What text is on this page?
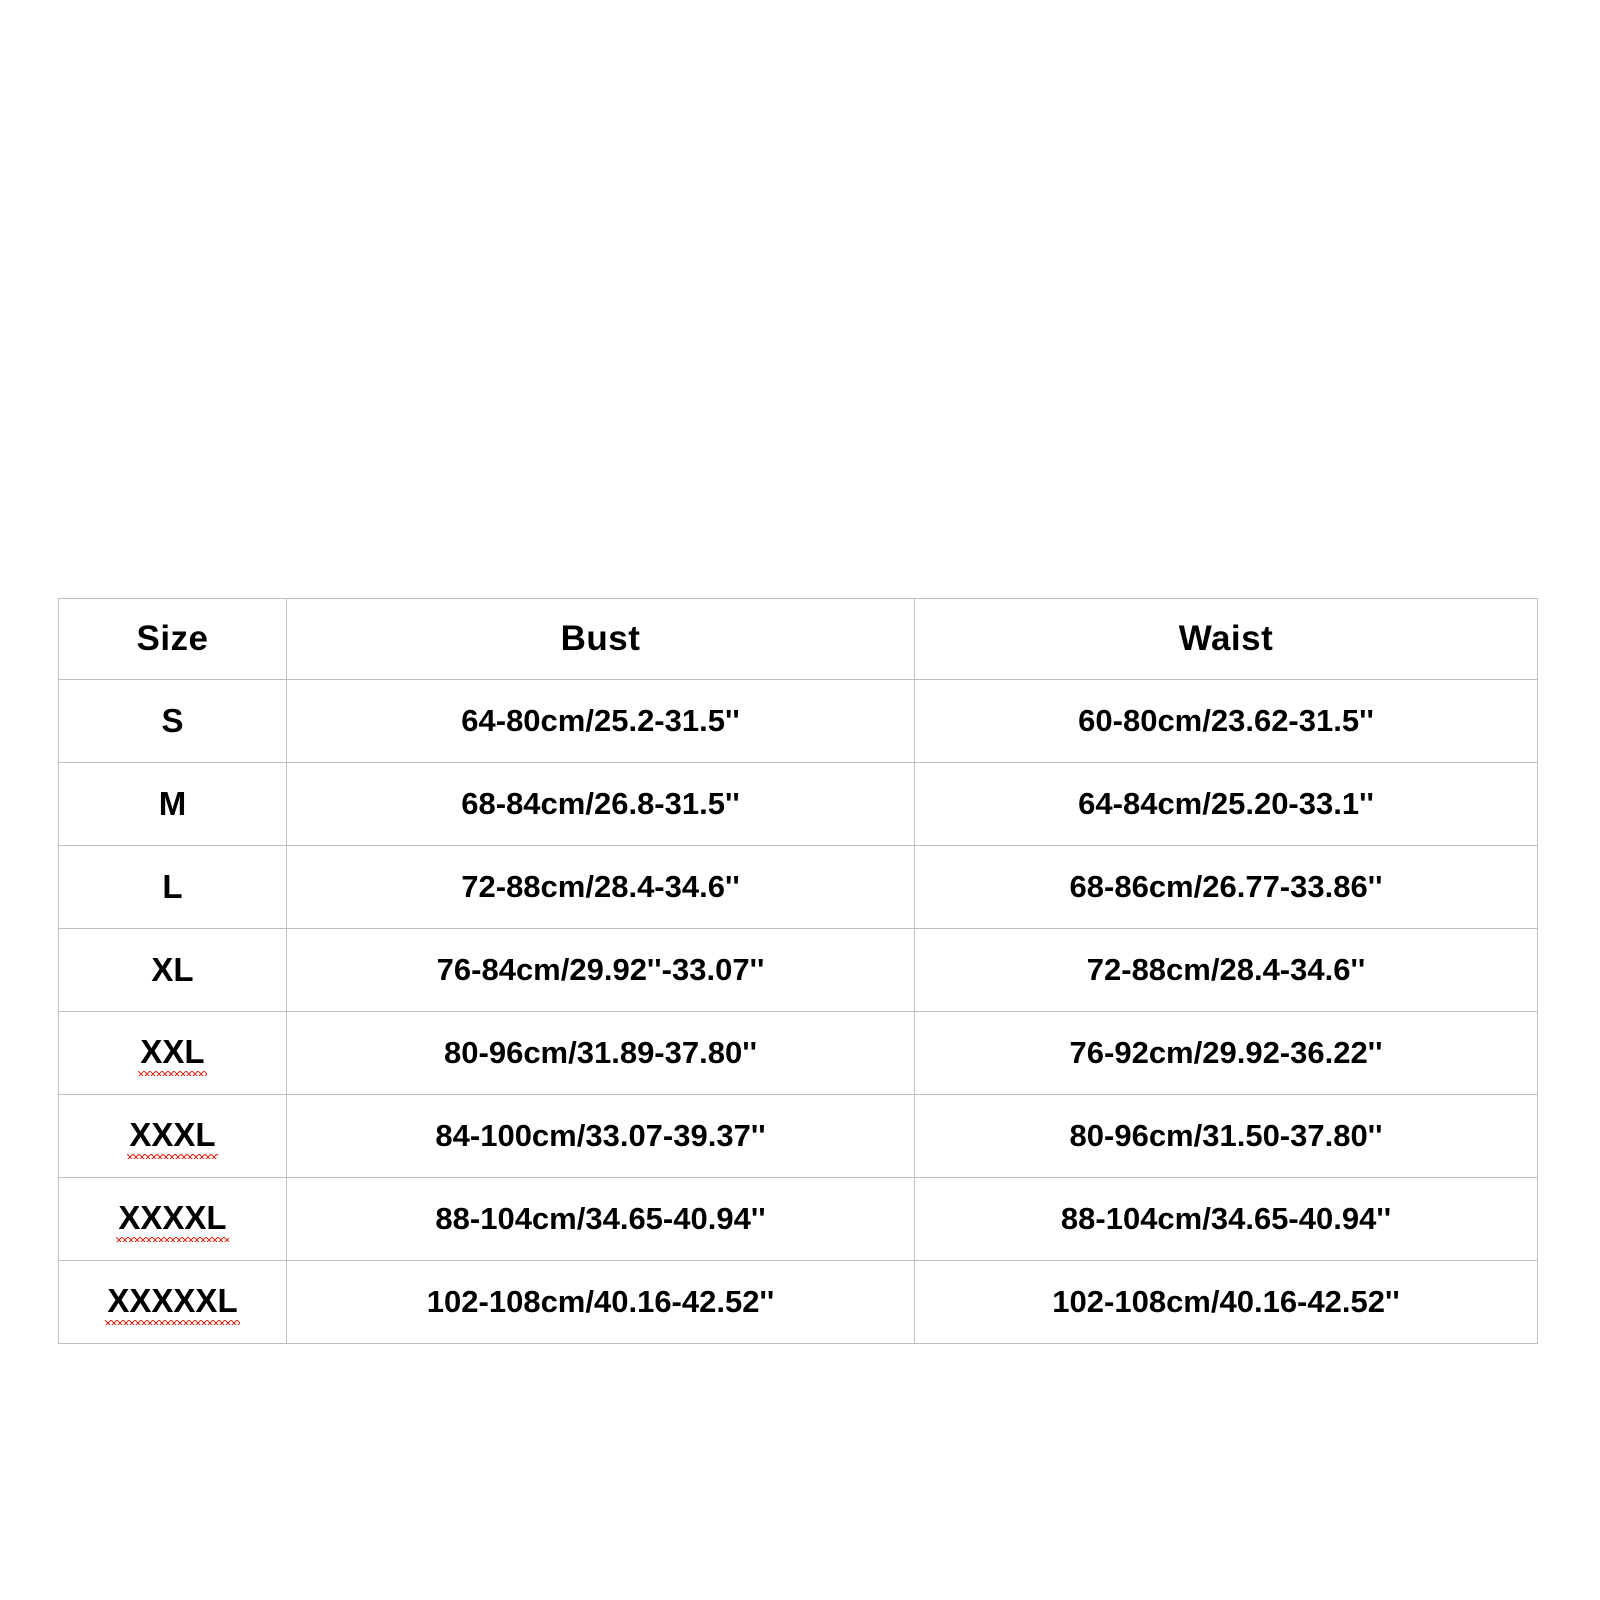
Size	Bust	Waist
S	64-80cm/25.2-31.5''	60-80cm/23.62-31.5''
M	68-84cm/26.8-31.5''	64-84cm/25.20-33.1''
L	72-88cm/28.4-34.6''	68-86cm/26.77-33.86''
XL	76-84cm/29.92''-33.07''	72-88cm/28.4-34.6''
XXL	80-96cm/31.89-37.80''	76-92cm/29.92-36.22''
XXXL	84-100cm/33.07-39.37''	80-96cm/31.50-37.80''
XXXXL	88-104cm/34.65-40.94''	88-104cm/34.65-40.94''
XXXXXL	102-108cm/40.16-42.52''	102-108cm/40.16-42.52''
